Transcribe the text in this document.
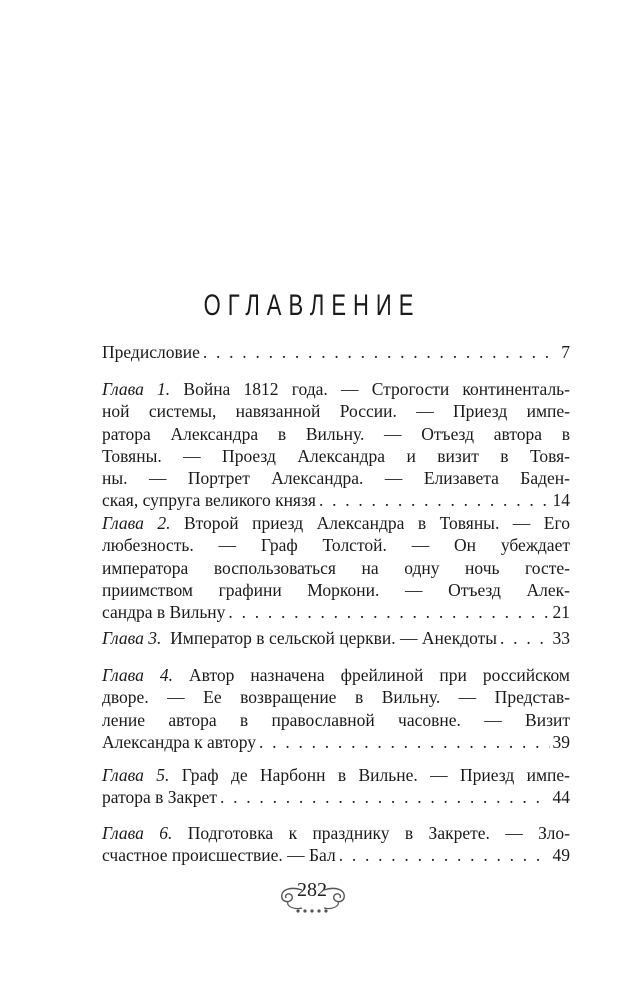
ОГЛАВЛЕНИЕ
Предисловие . . .	7
Глава 1. Война 1812 года. — Строгости континенталь-
ной системы, навязанной России. — Приезд импе-
ратора Александра в Вильну. — Отъезд автора в
Товяны. — Проезд Александра и визит в Товя-
ны. — Портрет Александра. — Елизавета Баден-
ская, супруга великого князя . . .	14
Глава 2. Второй приезд Александра в Товяны. — Его
любезность. — Граф Толстой. — Он убеждает
императора воспользоваться на одну ночь госте-
приимством графини Моркони. — Отъезд Алек-
сандра в Вильну . . .	21
Глава 3. Император в сельской церкви. — Анекдоты . . .	33
Глава 4. Автор назначена фрейлиной при российском
дворе. — Ее возвращение в Вильну. — Представ-
ление автора в православной часовне. — Визит
Александра к автору . . .	39
Глава 5. Граф де Нарбонн в Вильне. — Приезд импе-
ратора в Закрет . . .	44
Глава 6. Подготовка к празднику в Закрете. — Зло-
счастное происшествие. — Бал . . .	49
282
